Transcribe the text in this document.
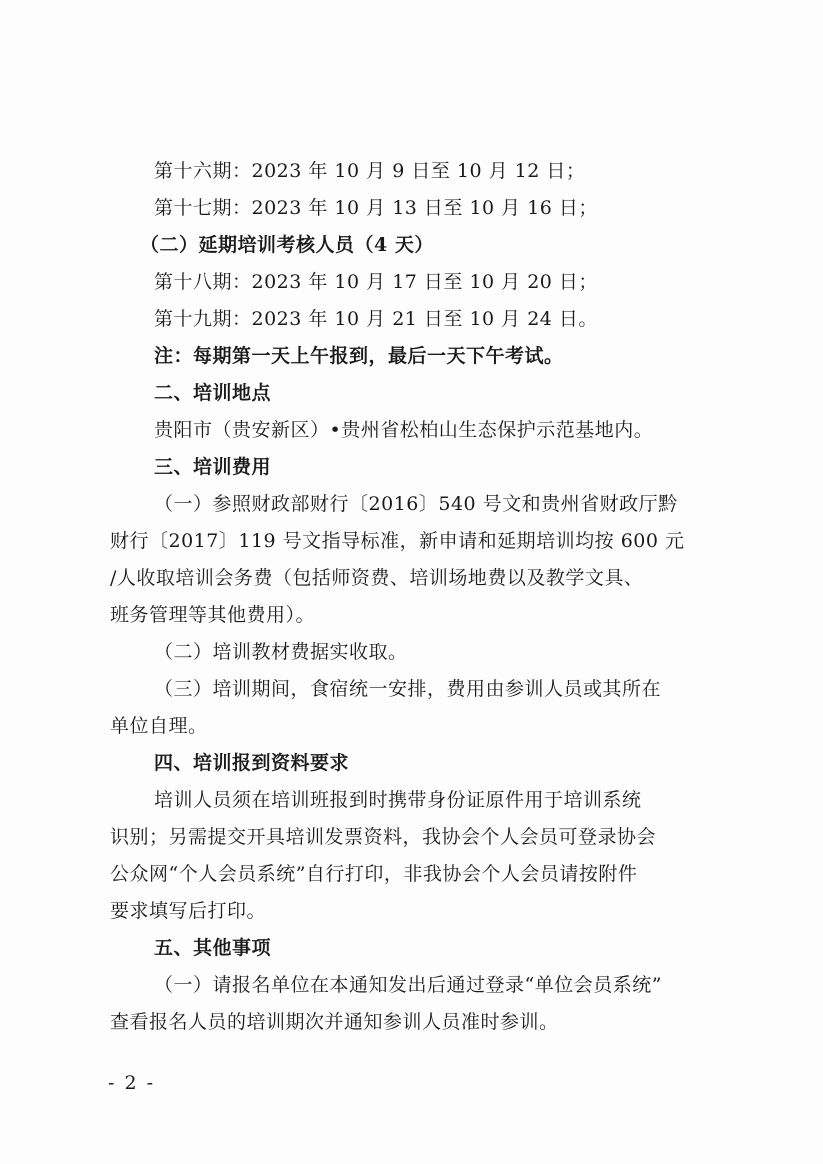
第十六期：2023 年 10 月 9 日至 10 月 12 日；
第十七期：2023 年 10 月 13 日至 10 月 16 日；
（二）延期培训考核人员（4 天）
第十八期：2023 年 10 月 17 日至 10 月 20 日；
第十九期：2023 年 10 月 21 日至 10 月 24 日。
注：每期第一天上午报到，最后一天下午考试。
二、培训地点
贵阳市（贵安新区）•贵州省松柏山生态保护示范基地内。
三、培训费用
（一）参照财政部财行〔2016〕540 号文和贵州省财政厅黔
财行〔2017〕119 号文指导标准，新申请和延期培训均按 600 元
/人收取培训会务费（包括师资费、培训场地费以及教学文具、
班务管理等其他费用）。
（二）培训教材费据实收取。
（三）培训期间，食宿统一安排，费用由参训人员或其所在
单位自理。
四、培训报到资料要求
培训人员须在培训班报到时携带身份证原件用于培训系统
识别；另需提交开具培训发票资料，我协会个人会员可登录协会
公众网“个人会员系统”自行打印，非我协会个人会员请按附件
要求填写后打印。
五、其他事项
（一）请报名单位在本通知发出后通过登录“单位会员系统”
查看报名人员的培训期次并通知参训人员准时参训。
- 2 -
